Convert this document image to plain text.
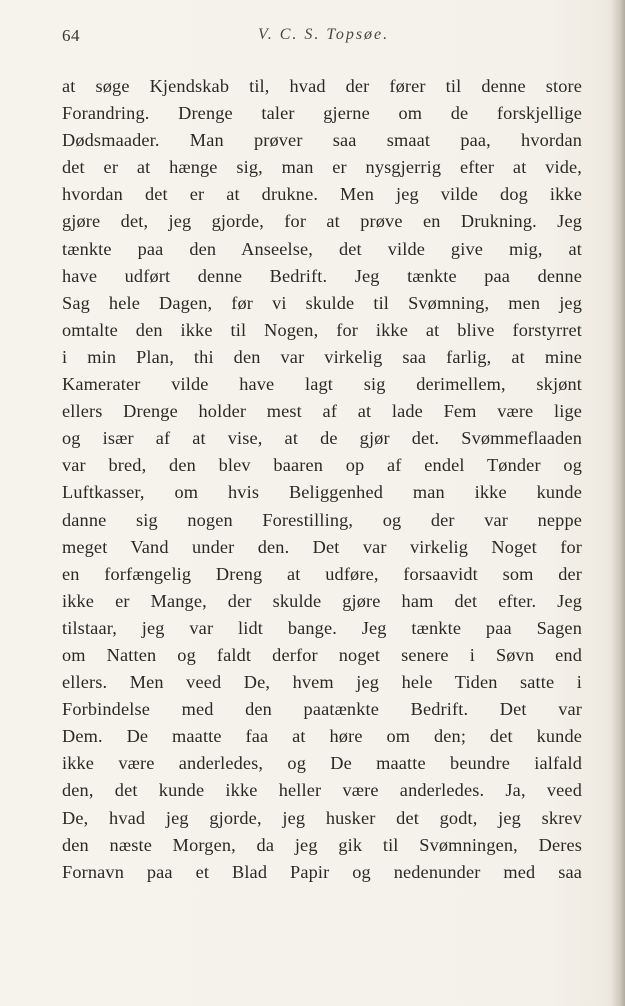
64	V. C. S. Topsøe.
at søge Kjendskab til, hvad der fører til denne store
Forandring. Drenge taler gjerne om de forskjellige
Dødsmaader. Man prøver saa smaat paa, hvordan
det er at hænge sig, man er nysgjerrig efter at vide,
hvordan det er at drukne. Men jeg vilde dog ikke
gjøre det, jeg gjorde, for at prøve en Drukning. Jeg
tænkte paa den Anseelse, det vilde give mig, at
have udført denne Bedrift. Jeg tænkte paa denne
Sag hele Dagen, før vi skulde til Svømning, men jeg
omtalte den ikke til Nogen, for ikke at blive forstyrret
i min Plan, thi den var virkelig saa farlig, at mine
Kamerater vilde have lagt sig derimellem, skjønt
ellers Drenge holder mest af at lade Fem være lige
og især af at vise, at de gjør det. Svømmeflaaden
var bred, den blev baaren op af endel Tønder og
Luftkasser, om hvis Beliggenhed man ikke kunde
danne sig nogen Forestilling, og der var neppe
meget Vand under den. Det var virkelig Noget for
en forfængelig Dreng at udføre, forsaavidt som der
ikke er Mange, der skulde gjøre ham det efter. Jeg
tilstaar, jeg var lidt bange. Jeg tænkte paa Sagen
om Natten og faldt derfor noget senere i Søvn end
ellers. Men veed De, hvem jeg hele Tiden satte i
Forbindelse med den paatænkte Bedrift. Det var
Dem. De maatte faa at høre om den; det kunde
ikke være anderledes, og De maatte beundre ialfald
den, det kunde ikke heller være anderledes. Ja, veed
De, hvad jeg gjorde, jeg husker det godt, jeg skrev
den næste Morgen, da jeg gik til Svømningen, Deres
Fornavn paa et Blad Papir og nedenunder med saa
